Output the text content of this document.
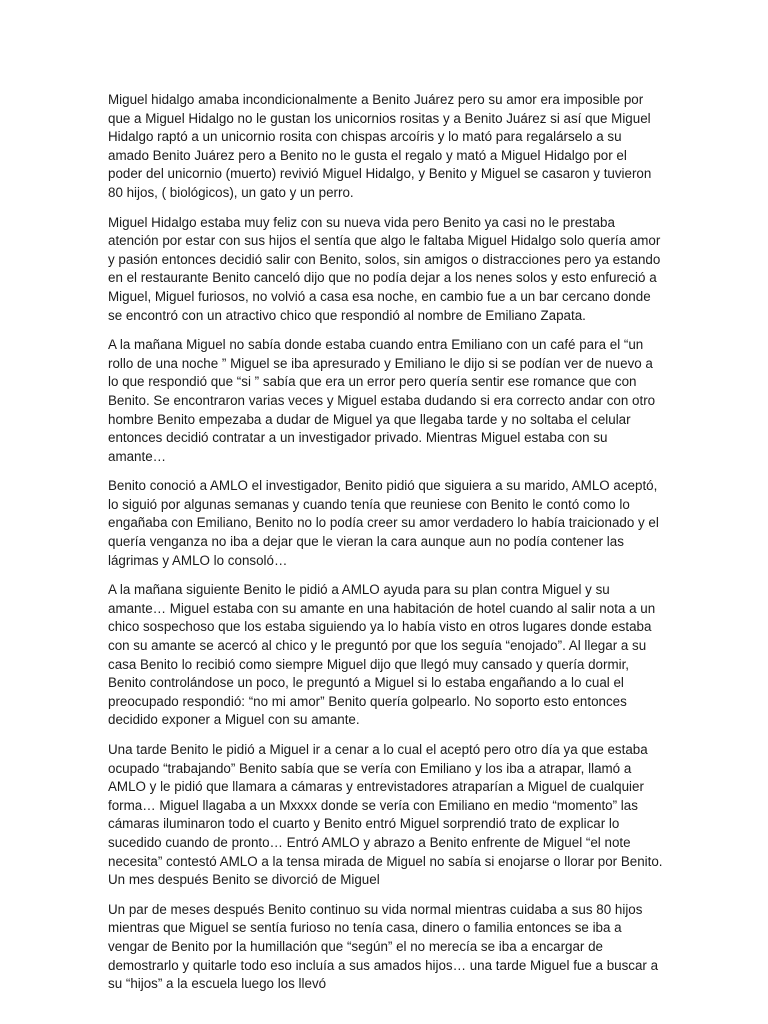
Miguel hidalgo amaba incondicionalmente a Benito Juárez pero su amor era imposible por que a Miguel Hidalgo no le gustan los unicornios rositas y a Benito Juárez si así que Miguel Hidalgo raptó a un unicornio rosita con chispas arcoíris y lo mató para regalárselo a su amado Benito Juárez pero a Benito no le gusta el regalo y mató a Miguel Hidalgo por el poder del unicornio (muerto) revivió Miguel Hidalgo, y Benito y Miguel se casaron y tuvieron 80 hijos, ( biológicos), un gato y un perro.

Miguel Hidalgo estaba muy feliz con su nueva vida pero Benito ya casi no le prestaba atención por estar con sus hijos el sentía que algo le faltaba Miguel Hidalgo solo quería amor y pasión entonces decidió salir con Benito, solos, sin amigos o distracciones pero ya estando en el restaurante Benito canceló dijo que no podía dejar a los nenes solos y esto enfureció a Miguel, Miguel furiosos, no volvió a casa esa noche, en cambio fue a un bar cercano donde se encontró con un atractivo chico que respondió al nombre de Emiliano Zapata.

A la mañana Miguel no sabía donde estaba cuando entra Emiliano con un café para el “un rollo de una noche ” Miguel se iba apresurado y Emiliano le dijo si se podían ver de nuevo a lo que respondió que “si ” sabía que era un error pero quería sentir ese romance que con Benito. Se encontraron varias veces y Miguel estaba dudando si era correcto andar con otro hombre Benito empezaba a dudar de Miguel ya que llegaba tarde y no soltaba el celular entonces decidió contratar a un investigador privado. Mientras Miguel estaba con su amante…

Benito conoció a AMLO el investigador, Benito pidió que siguiera a su marido, AMLO aceptó, lo siguió por algunas semanas y cuando tenía que reuniese con Benito le contó como lo engañaba con Emiliano, Benito no lo podía creer su amor verdadero lo había traicionado y el quería venganza no iba a dejar que le vieran la cara aunque aun no podía contener las lágrimas y AMLO lo consoló…

A la mañana siguiente Benito le pidió a AMLO ayuda para su plan contra Miguel y su amante… Miguel estaba con su amante en una habitación de hotel cuando al salir nota a un chico sospechoso que los estaba siguiendo ya lo había visto en otros lugares donde estaba con su amante se acercó al chico y le preguntó por que los seguía “enojado”. Al llegar a su casa Benito lo recibió como siempre Miguel dijo que llegó muy cansado y quería dormir, Benito controlándose un poco, le preguntó a Miguel si lo estaba engañando a lo cual el preocupado respondió: “no mi amor” Benito quería golpearlo. No soporto esto entonces decidido exponer a Miguel con su amante.

Una tarde Benito le pidió a Miguel ir a cenar a lo cual el aceptó pero otro día ya que estaba ocupado “trabajando” Benito sabía que se vería con Emiliano y los iba a atrapar, llamó a AMLO y le pidió que llamara a cámaras y entrevistadores atraparían a Miguel de cualquier forma… Miguel llagaba a un Mxxxx donde se vería con Emiliano en medio “momento” las cámaras iluminaron todo el cuarto y Benito entró Miguel sorprendió trato de explicar lo sucedido cuando de pronto… Entró AMLO y abrazo a Benito enfrente de Miguel “el note necesita” contestó AMLO a la tensa mirada de Miguel no sabía si enojarse o llorar por Benito. Un mes después Benito se divorció de Miguel

Un par de meses después Benito continuo su vida normal mientras cuidaba a sus 80 hijos mientras que Miguel se sentía furioso no tenía casa, dinero o familia entonces se iba a vengar de Benito por la humillación que “según” el no merecía se iba a encargar de demostrarlo y quitarle todo eso incluía a sus amados hijos… una tarde Miguel fue a buscar a su “hijos” a la escuela luego los llevó
